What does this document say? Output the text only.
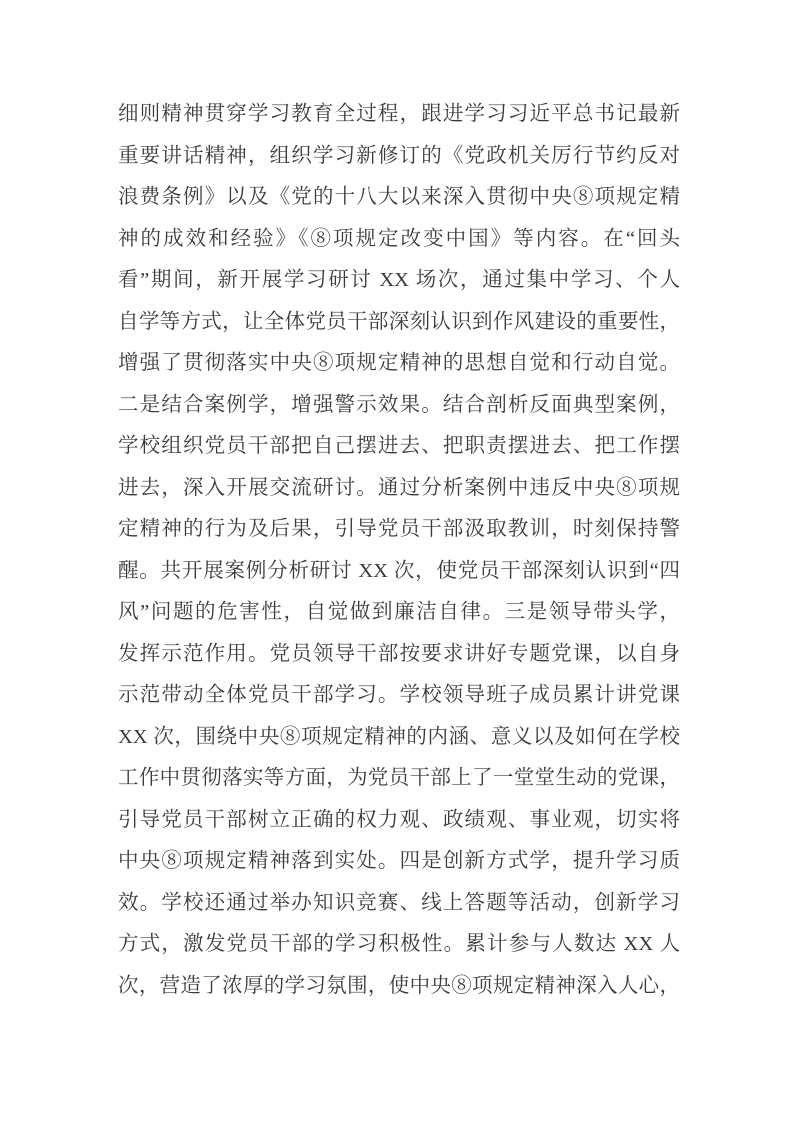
细则精神贯穿学习教育全过程，跟进学习习近平总书记最新
重要讲话精神，组织学习新修订的《党政机关厉行节约反对
浪费条例》以及《党的十八大以来深入贯彻中央⑧项规定精
神的成效和经验》《⑧项规定改变中国》等内容。在“回头
看”期间，新开展学习研讨 XX 场次，通过集中学习、个人
自学等方式，让全体党员干部深刻认识到作风建设的重要性，
增强了贯彻落实中央⑧项规定精神的思想自觉和行动自觉。
二是结合案例学，增强警示效果。结合剖析反面典型案例，
学校组织党员干部把自己摆进去、把职责摆进去、把工作摆
进去，深入开展交流研讨。通过分析案例中违反中央⑧项规
定精神的行为及后果，引导党员干部汲取教训，时刻保持警
醒。共开展案例分析研讨 XX 次，使党员干部深刻认识到“四
风”问题的危害性，自觉做到廉洁自律。三是领导带头学，
发挥示范作用。党员领导干部按要求讲好专题党课，以自身
示范带动全体党员干部学习。学校领导班子成员累计讲党课
XX 次，围绕中央⑧项规定精神的内涵、意义以及如何在学校
工作中贯彻落实等方面，为党员干部上了一堂堂生动的党课，
引导党员干部树立正确的权力观、政绩观、事业观，切实将
中央⑧项规定精神落到实处。四是创新方式学，提升学习质
效。学校还通过举办知识竞赛、线上答题等活动，创新学习
方式，激发党员干部的学习积极性。累计参与人数达 XX 人
次，营造了浓厚的学习氛围，使中央⑧项规定精神深入人心，
